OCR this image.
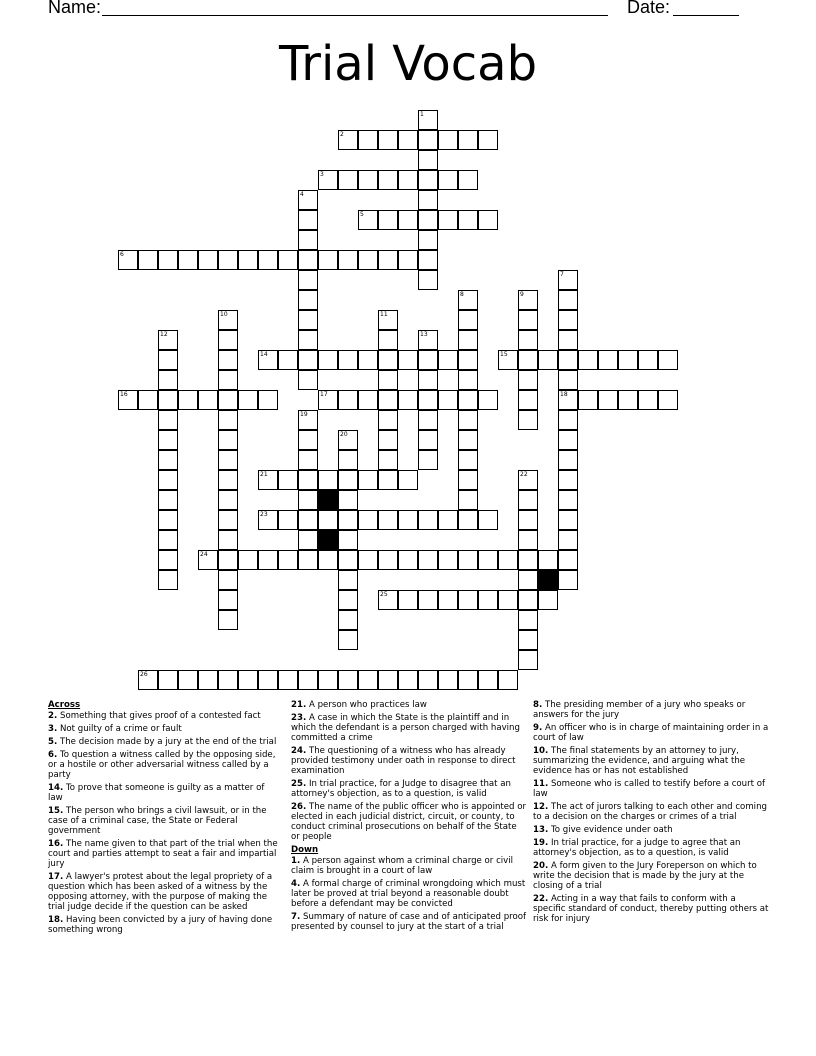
Name:	Date:
Trial Vocab
1
2
3
4
5
6
7
18
8	9
10	11
12	13
14	15
16	17
19
20
21	22
23
24
25
26
Across
2. Something that gives proof of a contested fact
3. Not guilty of a crime or fault
5. The decision made by a jury at the end of the trial
6. To question a witness called by the opposing side, or a hostile or other adversarial witness called by a party
14. To prove that someone is guilty as a matter of law
15. The person who brings a civil lawsuit, or in the case of a criminal case, the State or Federal government
16. The name given to that part of the trial when the court and parties attempt to seat a fair and impartial jury
17. A lawyer's protest about the legal propriety of a question which has been asked of a witness by the opposing attorney, with the purpose of making the trial judge decide if the question can be asked
18. Having been convicted by a jury of having done something wrong
21. A person who practices law
23. A case in which the State is the plaintiff and in which the defendant is a person charged with having committed a crime
24. The questioning of a witness who has already provided testimony under oath in response to direct examination
25. In trial practice, for a Judge to disagree that an attorney's objection, as to a question, is valid
26. The name of the public officer who is appointed or elected in each judicial district, circuit, or county, to conduct criminal prosecutions on behalf of the State or people
Down
1. A person against whom a criminal charge or civil claim is brought in a court of law
4. A formal charge of criminal wrongdoing which must later be proved at trial beyond a reasonable doubt before a defendant may be convicted
7. Summary of nature of case and of anticipated proof presented by counsel to jury at the start of a trial
8. The presiding member of a jury who speaks or answers for the jury
9. An officer who is in charge of maintaining order in a court of law
10. The final statements by an attorney to jury, summarizing the evidence, and arguing what the evidence has or has not established
11. Someone who is called to testify before a court of law
12. The act of jurors talking to each other and coming to a decision on the charges or crimes of a trial
13. To give evidence under oath
19. In trial practice, for a judge to agree that an attorney's objection, as to a question, is valid
20. A form given to the Jury Foreperson on which to write the decision that is made by the jury at the closing of a trial
22. Acting in a way that fails to conform with a specific standard of conduct, thereby putting others at risk for injury
